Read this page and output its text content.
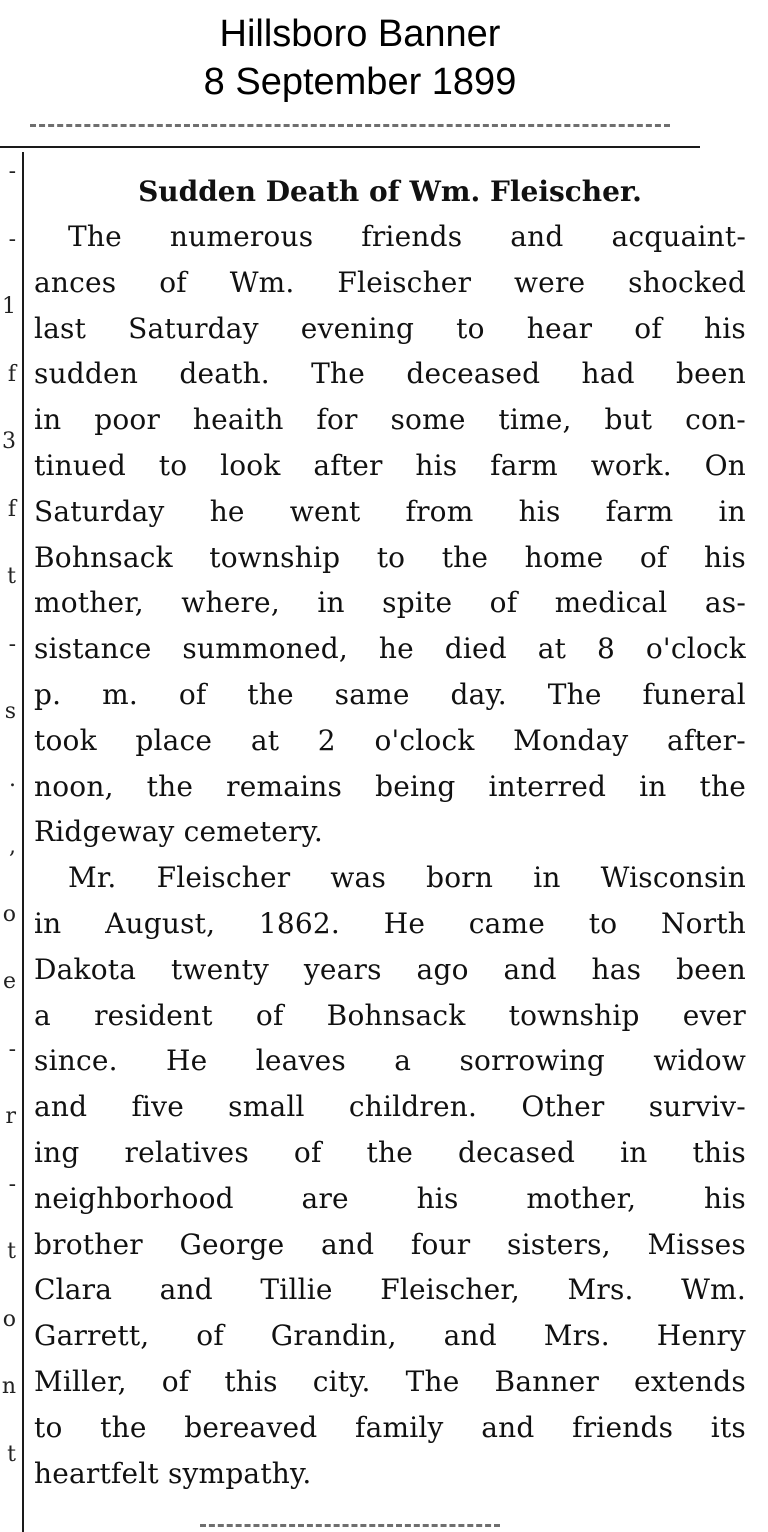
Hillsboro Banner
8 September 1899
-
-
1
f
3
f
t
-
s
.
,
o
e
-
r
-
t
o
n
t
Sudden Death of Wm. Fleischer.
The numerous friends and acquaint-
ances of Wm. Fleischer were shocked
last Saturday evening to hear of his
sudden death. The deceased had been
in poor heaith for some time, but con-
tinued to look after his farm work. On
Saturday he went from his farm in
Bohnsack township to the home of his
mother, where, in spite of medical as-
sistance summoned, he died at 8 o'clock
p. m. of the same day. The funeral
took place at 2 o'clock Monday after-
noon, the remains being interred in the
Ridgeway cemetery.
Mr. Fleischer was born in Wisconsin
in August, 1862. He came to North
Dakota twenty years ago and has been
a resident of Bohnsack township ever
since. He leaves a sorrowing widow
and five small children. Other surviv-
ing relatives of the decased in this
neighborhood are his mother, his
brother George and four sisters, Misses
Clara and Tillie Fleischer, Mrs. Wm.
Garrett, of Grandin, and Mrs. Henry
Miller, of this city. The Banner extends
to the bereaved family and friends its
heartfelt sympathy.
